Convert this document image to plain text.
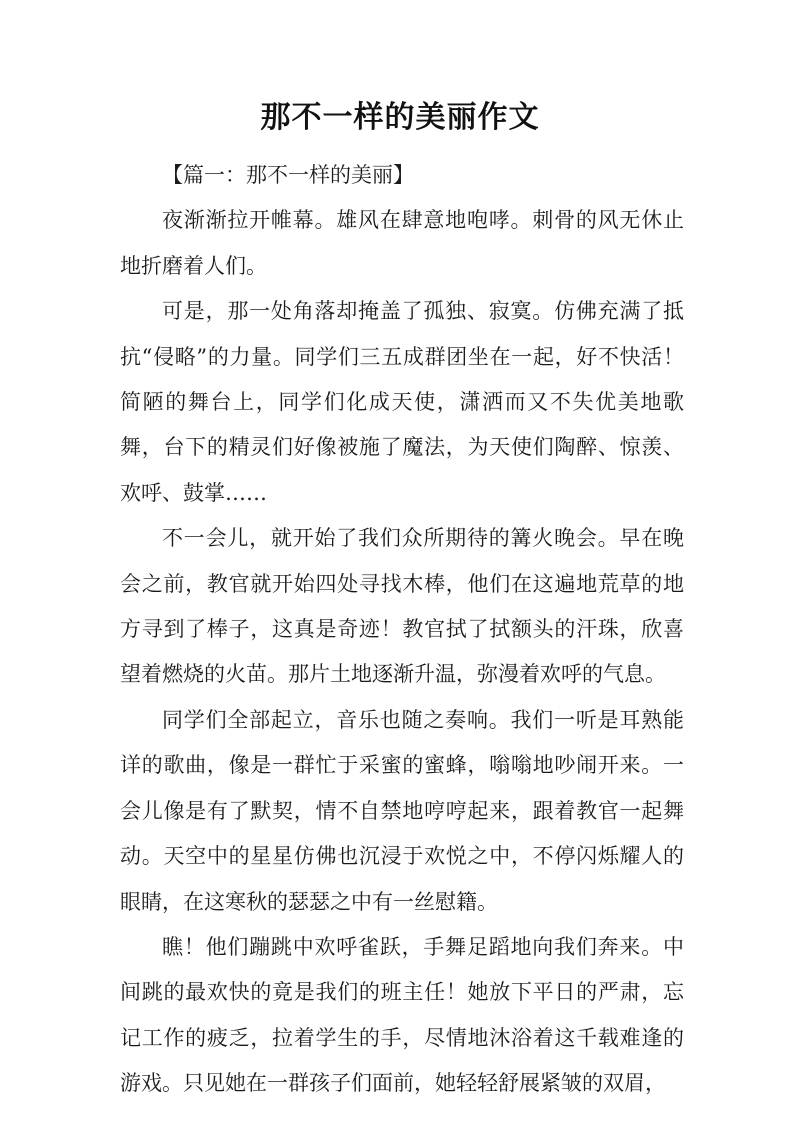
那不一样的美丽作文

【篇一：那不一样的美丽】

夜渐渐拉开帷幕。雄风在肆意地咆哮。刺骨的风无休止地折磨着人们。

可是，那一处角落却掩盖了孤独、寂寞。仿佛充满了抵抗“侵略”的力量。同学们三五成群团坐在一起，好不快活！简陋的舞台上，同学们化成天使，潇洒而又不失优美地歌舞，台下的精灵们好像被施了魔法，为天使们陶醉、惊羡、欢呼、鼓掌……

不一会儿，就开始了我们众所期待的篝火晚会。早在晚会之前，教官就开始四处寻找木棒，他们在这遍地荒草的地方寻到了棒子，这真是奇迹！教官拭了拭额头的汗珠，欣喜望着燃烧的火苗。那片土地逐渐升温，弥漫着欢呼的气息。

同学们全部起立，音乐也随之奏响。我们一听是耳熟能详的歌曲，像是一群忙于采蜜的蜜蜂，嗡嗡地吵闹开来。一会儿像是有了默契，情不自禁地哼哼起来，跟着教官一起舞动。天空中的星星仿佛也沉浸于欢悦之中，不停闪烁耀人的眼睛，在这寒秋的瑟瑟之中有一丝慰籍。

瞧！他们蹦跳中欢呼雀跃，手舞足蹈地向我们奔来。中间跳的最欢快的竟是我们的班主任！她放下平日的严肃，忘记工作的疲乏，拉着学生的手，尽情地沐浴着这千载难逢的游戏。只见她在一群孩子们面前，她轻轻舒展紧皱的双眉，
